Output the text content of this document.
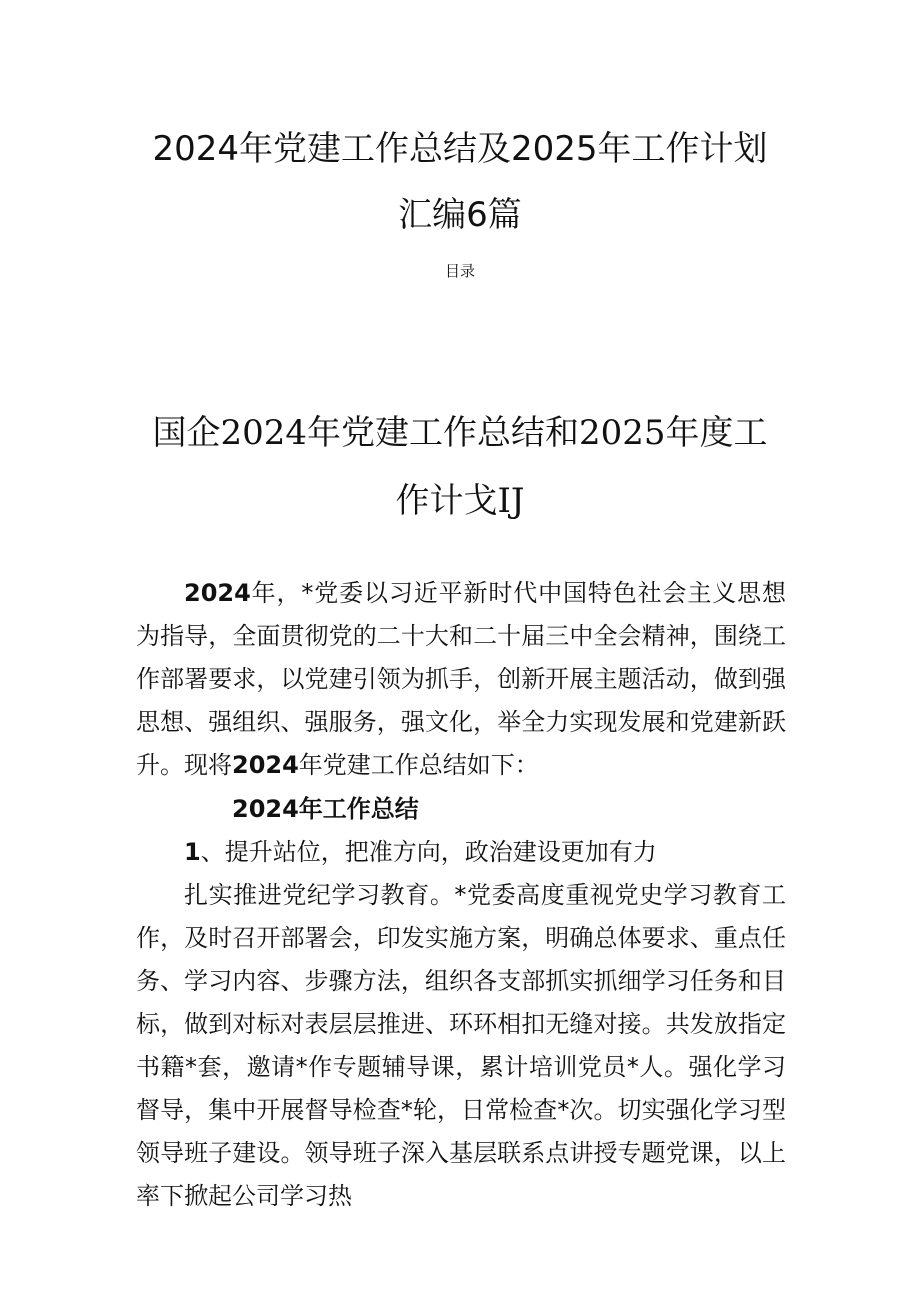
2024年党建工作总结及2025年工作计划
汇编6篇
目录
国企2024年党建工作总结和2025年度工
作计戈IJ

2024年，*党委以习近平新时代中国特色社会主义思想为指导，全面贯彻党的二十大和二十届三中全会精神，围绕工作部署要求，以党建引领为抓手，创新开展主题活动，做到强思想、强组织、强服务，强文化，举全力实现发展和党建新跃升。现将2024年党建工作总结如下：

2024年工作总结
1、提升站位，把准方向，政治建设更加有力

扎实推进党纪学习教育。*党委高度重视党史学习教育工作，及时召开部署会，印发实施方案，明确总体要求、重点任务、学习内容、步骤方法，组织各支部抓实抓细学习任务和目标，做到对标对表层层推进、环环相扣无缝对接。共发放指定书籍*套，邀请*作专题辅导课，累计培训党员*人。强化学习督导，集中开展督导检查*轮，日常检查*次。切实强化学习型领导班子建设。领导班子深入基层联系点讲授专题党课，以上率下掀起公司学习热
